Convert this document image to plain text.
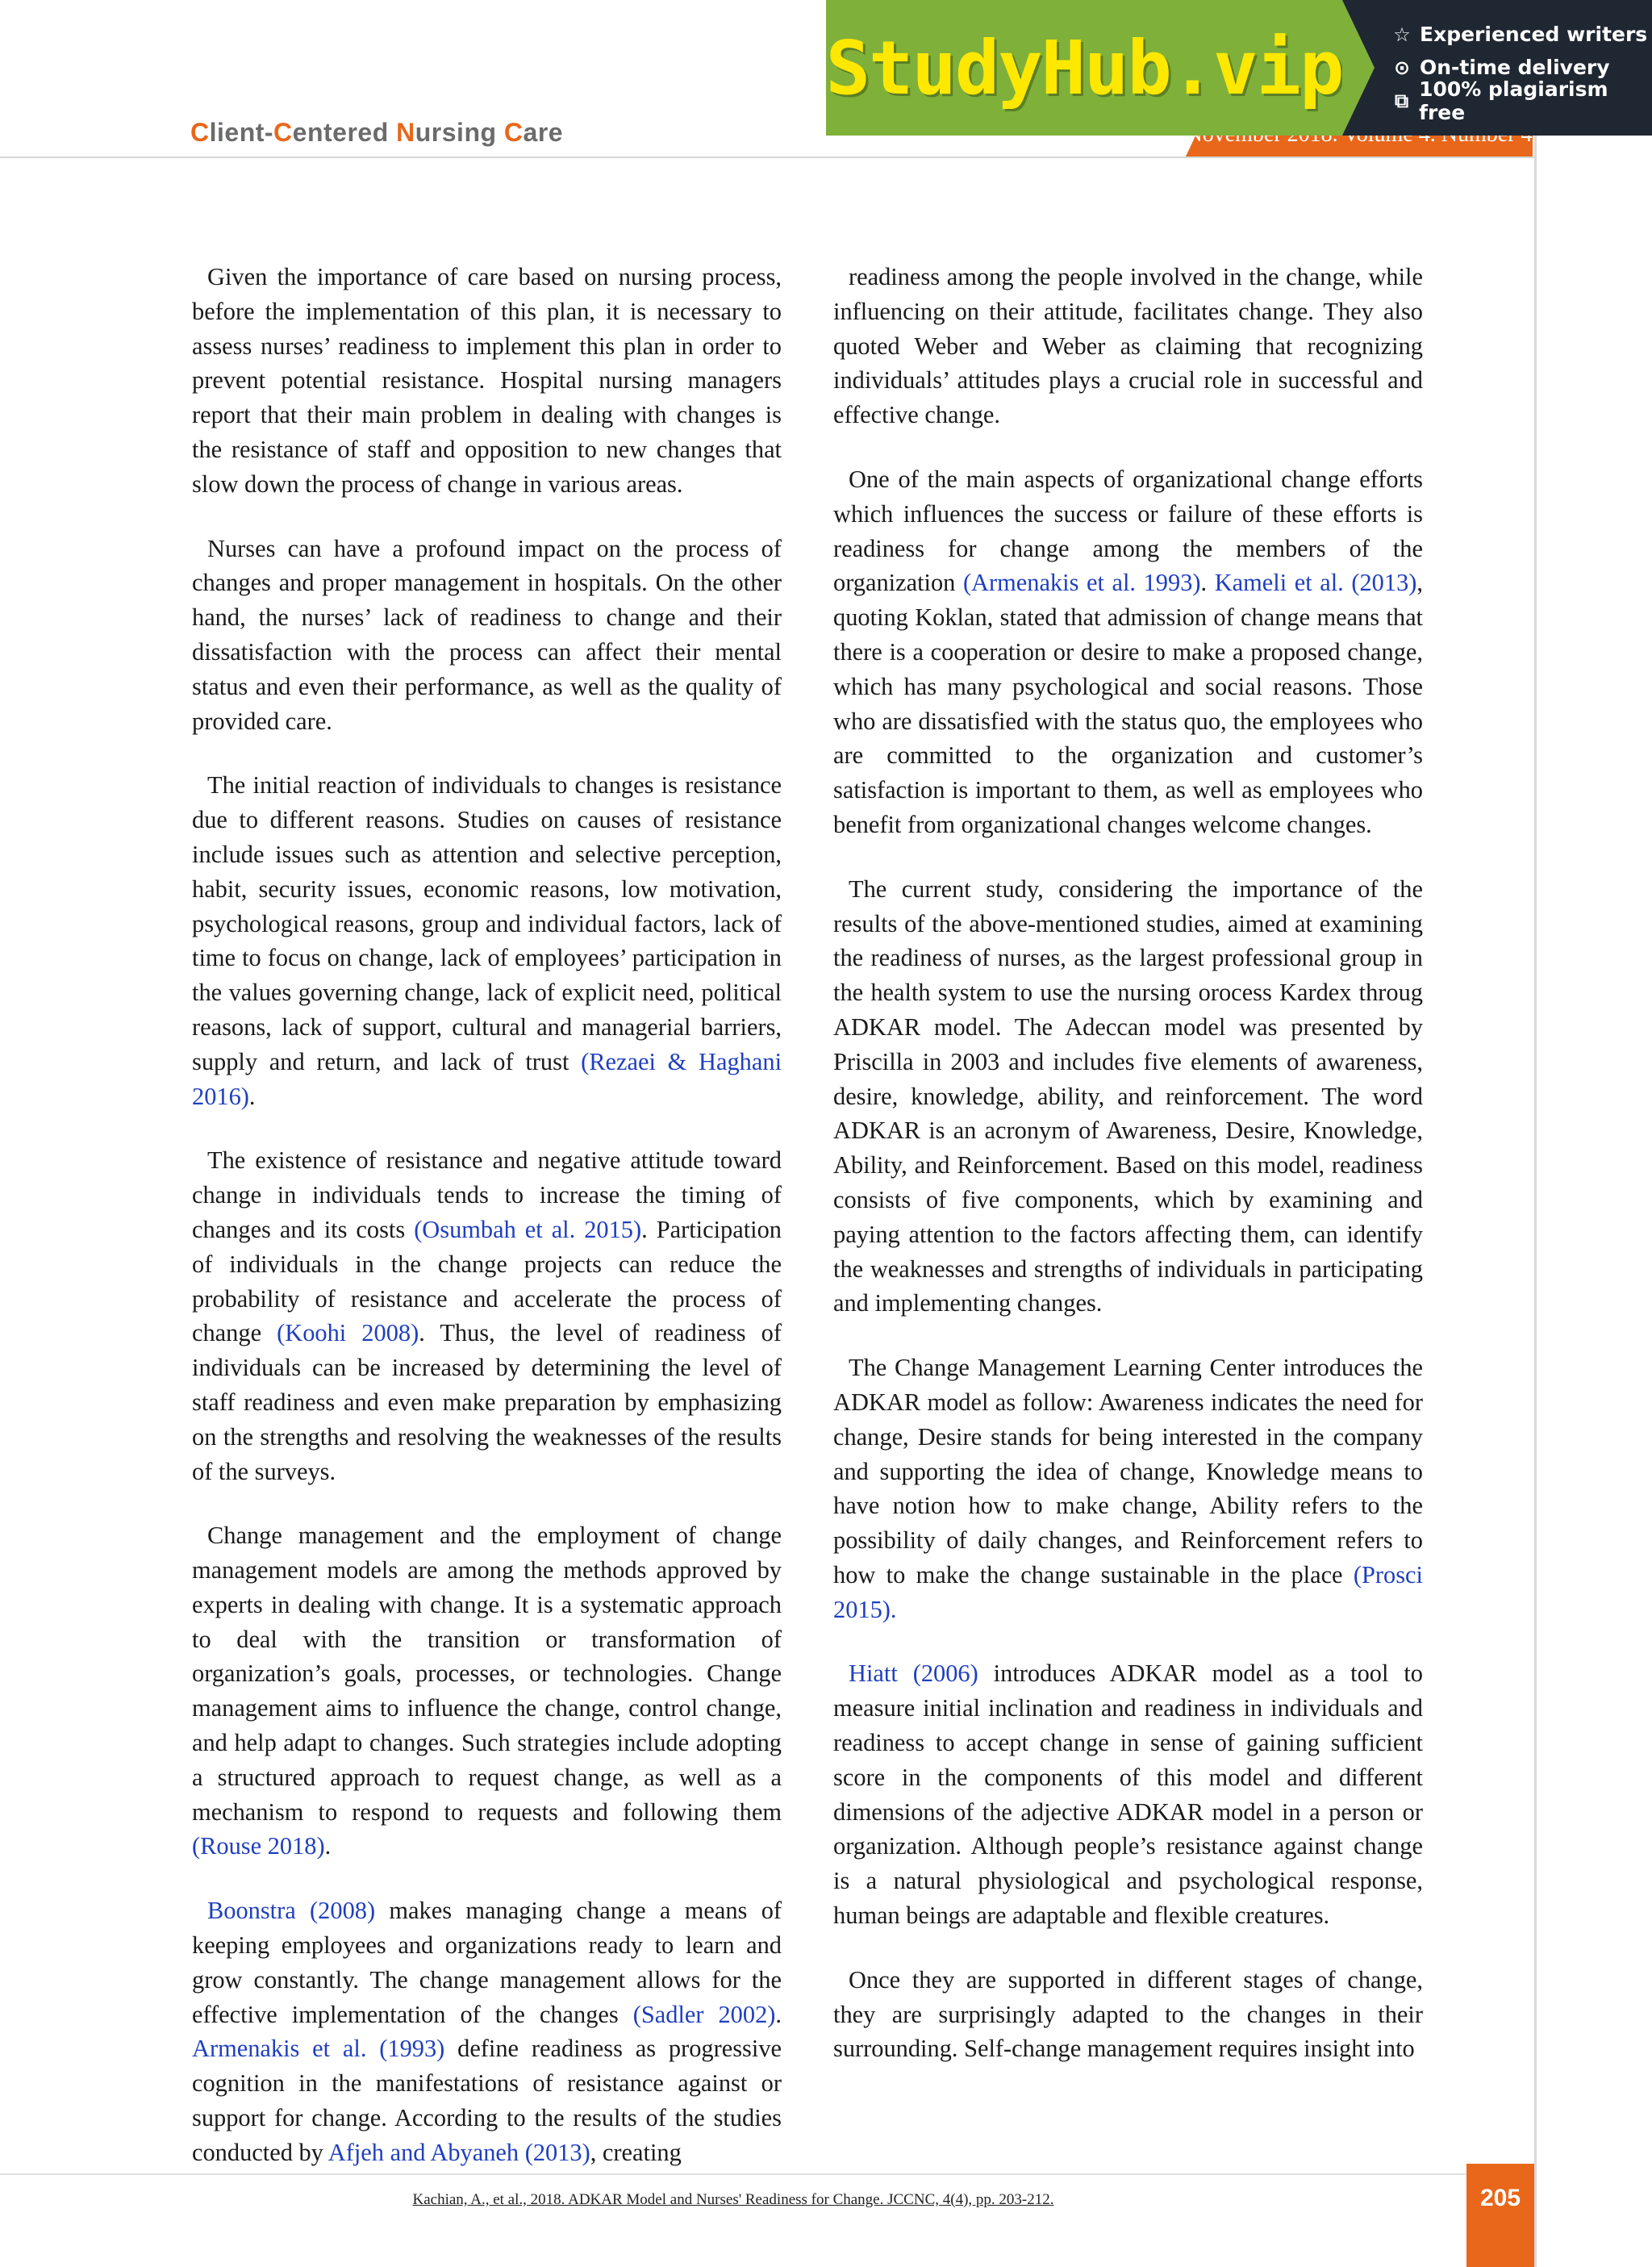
Client-Centered Nursing Care
StudyHub.vip	☆ Experienced writers
⊙ On-time delivery
⧉ 100% plagiarism free

Given the importance of care based on nursing process, before the implementation of this plan, it is necessary to assess nurses’ readiness to implement this plan in order to prevent potential resistance. Hospital nursing managers report that their main problem in dealing with changes is the resistance of staff and opposition to new changes that slow down the process of change in various areas.

Nurses can have a profound impact on the process of changes and proper management in hospitals. On the other hand, the nurses’ lack of readiness to change and their dissatisfaction with the process can affect their mental status and even their performance, as well as the quality of provided care.

The initial reaction of individuals to changes is resistance due to different reasons. Studies on causes of resistance include issues such as attention and selective perception, habit, security issues, economic reasons, low motivation, psychological reasons, group and individual factors, lack of time to focus on change, lack of employees’ participation in the values governing change, lack of explicit need, political reasons, lack of support, cultural and managerial barriers, supply and return, and lack of trust (Rezaei & Haghani 2016).

The existence of resistance and negative attitude toward change in individuals tends to increase the timing of changes and its costs (Osumbah et al. 2015). Participation of individuals in the change projects can reduce the probability of resistance and accelerate the process of change (Koohi 2008). Thus, the level of readiness of individuals can be increased by determining the level of staff readiness and even make preparation by emphasizing on the strengths and resolving the weaknesses of the results of the surveys.

Change management and the employment of change management models are among the methods approved by experts in dealing with change. It is a systematic approach to deal with the transition or transformation of organization’s goals, processes, or technologies. Change management aims to influence the change, control change, and help adapt to changes. Such strategies include adopting a structured approach to request change, as well as a mechanism to respond to requests and following them (Rouse 2018).

Boonstra (2008) makes managing change a means of keeping employees and organizations ready to learn and grow constantly. The change management allows for the effective implementation of the changes (Sadler 2002). Armenakis et al. (1993) define readiness as progressive cognition in the manifestations of resistance against or support for change. According to the results of the studies conducted by Afjeh and Abyaneh (2013), creating

readiness among the people involved in the change, while influencing on their attitude, facilitates change. They also quoted Weber and Weber as claiming that recognizing individuals’ attitudes plays a crucial role in successful and effective change.

One of the main aspects of organizational change efforts which influences the success or failure of these efforts is readiness for change among the members of the organization (Armenakis et al. 1993). Kameli et al. (2013), quoting Koklan, stated that admission of change means that there is a cooperation or desire to make a proposed change, which has many psychological and social reasons. Those who are dissatisfied with the status quo, the employees who are committed to the organization and customer’s satisfaction is important to them, as well as employees who benefit from organizational changes welcome changes.

The current study, considering the importance of the results of the above-mentioned studies, aimed at examining the readiness of nurses, as the largest professional group in the health system to use the nursing orocess Kardex throug ADKAR model. The Adeccan model was presented by Priscilla in 2003 and includes five elements of awareness, desire, knowledge, ability, and reinforcement. The word ADKAR is an acronym of Awareness, Desire, Knowledge, Ability, and Reinforcement. Based on this model, readiness consists of five components, which by examining and paying attention to the factors affecting them, can identify the weaknesses and strengths of individuals in participating and implementing changes.

The Change Management Learning Center introduces the ADKAR model as follow: Awareness indicates the need for change, Desire stands for being interested in the company and supporting the idea of change, Knowledge means to have notion how to make change, Ability refers to the possibility of daily changes, and Reinforcement refers to how to make the change sustainable in the place (Prosci 2015).

Hiatt (2006) introduces ADKAR model as a tool to measure initial inclination and readiness in individuals and readiness to accept change in sense of gaining sufficient score in the components of this model and different dimensions of the adjective ADKAR model in a person or organization. Although people’s resistance against change is a natural physiological and psychological response, human beings are adaptable and flexible creatures.

Once they are supported in different stages of change, they are surprisingly adapted to the changes in their surrounding. Self-change management requires insight into

Kachian, A., et al., 2018. ADKAR Model and Nurses' Readiness for Change. JCCNC, 4(4), pp. 203-212.	205
